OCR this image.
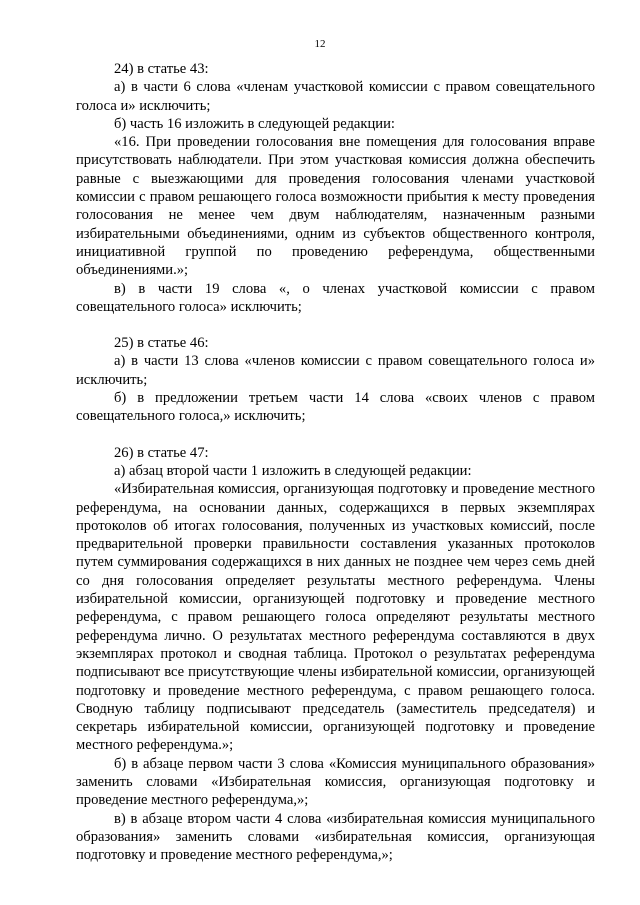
12

24) в статье 43:

а) в части 6 слова «членам участковой комиссии с правом совещательного голоса и» исключить;

б) часть 16 изложить в следующей редакции:

«16. При проведении голосования вне помещения для голосования вправе присутствовать наблюдатели. При этом участковая комиссия должна обеспечить равные с выезжающими для проведения голосования членами участковой комиссии с правом решающего голоса возможности прибытия к месту проведения голосования не менее чем двум наблюдателям, назначенным разными избирательными объединениями, одним из субъектов общественного контроля, инициативной группой по проведению референдума, общественными объединениями.»;

в) в части 19 слова «, о членах участковой комиссии с правом совещательного голоса» исключить;

25) в статье 46:

а) в части 13 слова «членов комиссии с правом совещательного голоса и» исключить;

б) в предложении третьем части 14 слова «своих членов с правом совещательного голоса,» исключить;

26) в статье 47:

а) абзац второй части 1 изложить в следующей редакции:

«Избирательная комиссия, организующая подготовку и проведение местного референдума, на основании данных, содержащихся в первых экземплярах протоколов об итогах голосования, полученных из участковых комиссий, после предварительной проверки правильности составления указанных протоколов путем суммирования содержащихся в них данных не позднее чем через семь дней со дня голосования определяет результаты местного референдума. Члены избирательной комиссии, организующей подготовку и проведение местного референдума, с правом решающего голоса определяют результаты местного референдума лично. О результатах местного референдума составляются в двух экземплярах протокол и сводная таблица. Протокол о результатах референдума подписывают все присутствующие члены избирательной комиссии, организующей подготовку и проведение местного референдума, с правом решающего голоса. Сводную таблицу подписывают председатель (заместитель председателя) и секретарь избирательной комиссии, организующей подготовку и проведение местного референдума.»;

б) в абзаце первом части 3 слова «Комиссия муниципального образования» заменить словами «Избирательная комиссия, организующая подготовку и проведение местного референдума,»;

в) в абзаце втором части 4 слова «избирательная комиссия муниципального образования» заменить словами «избирательная комиссия, организующая подготовку и проведение местного референдума,»;
